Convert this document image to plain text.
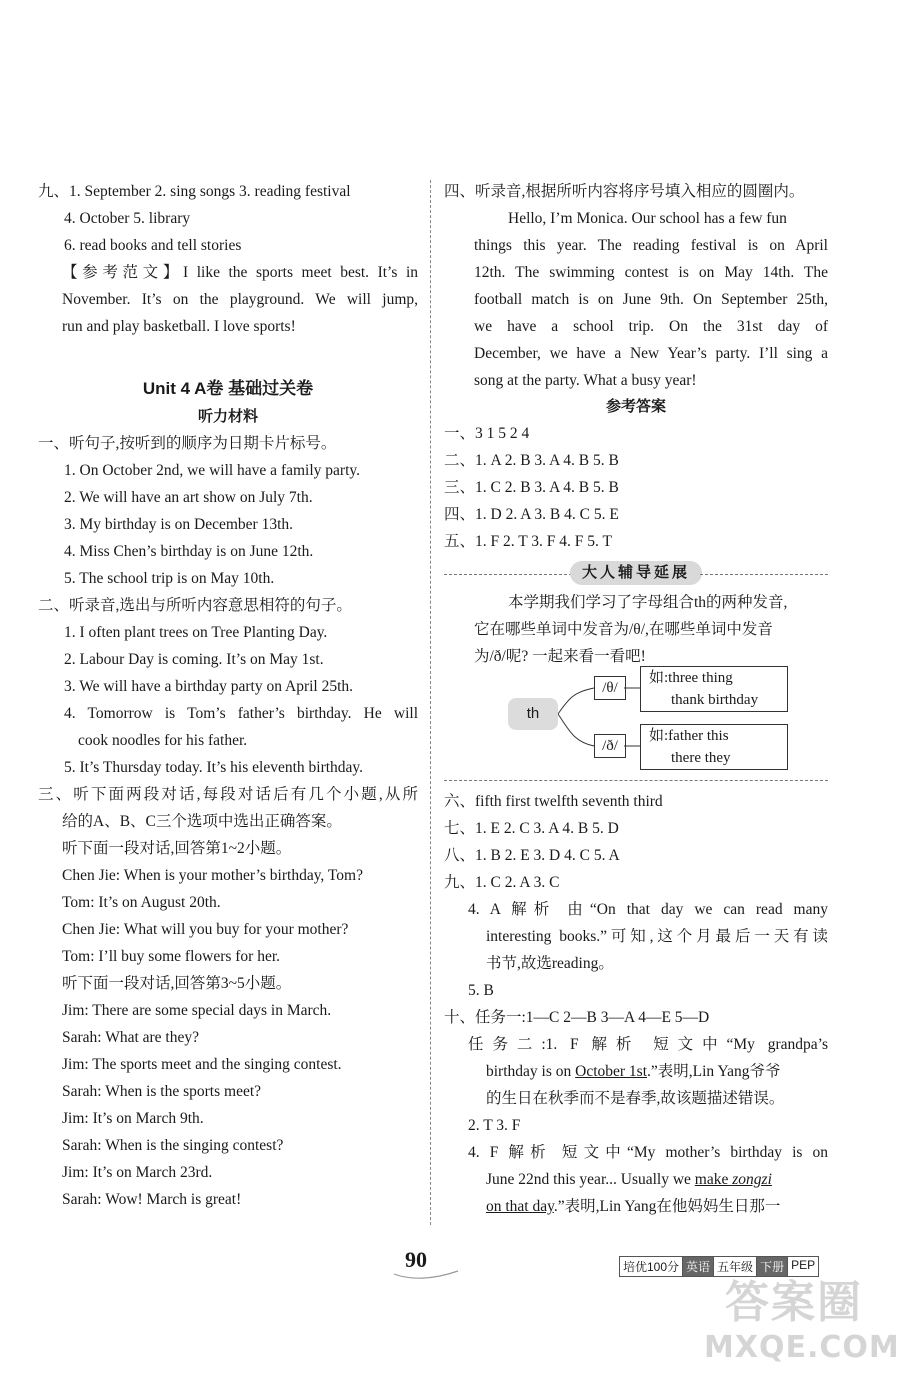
九、1. September 2. sing songs 3. reading festival
4. October 5. library
6. read books and tell stories
【参考范文】I like the sports meet best. It’s in
November. It’s on the playground. We will jump,
run and play basketball. I love sports!
Unit 4 A卷 基础过关卷
听力材料
一、听句子,按听到的顺序为日期卡片标号。
1. On October 2nd, we will have a family party.
2. We will have an art show on July 7th.
3. My birthday is on December 13th.
4. Miss Chen’s birthday is on June 12th.
5. The school trip is on May 10th.
二、听录音,选出与所听内容意思相符的句子。
1. I often plant trees on Tree Planting Day.
2. Labour Day is coming. It’s on May 1st.
3. We will have a birthday party on April 25th.
4. Tomorrow is Tom’s father’s birthday. He will
cook noodles for his father.
5. It’s Thursday today. It’s his eleventh birthday.
三、听下面两段对话,每段对话后有几个小题,从所
给的A、B、C三个选项中选出正确答案。
听下面一段对话,回答第1~2小题。
Chen Jie: When is your mother’s birthday, Tom?
Tom: It’s on August 20th.
Chen Jie: What will you buy for your mother?
Tom: I’ll buy some flowers for her.
听下面一段对话,回答第3~5小题。
Jim: There are some special days in March.
Sarah: What are they?
Jim: The sports meet and the singing contest.
Sarah: When is the sports meet?
Jim: It’s on March 9th.
Sarah: When is the singing contest?
Jim: It’s on March 23rd.
Sarah: Wow! March is great!
四、听录音,根据所听内容将序号填入相应的圆圈内。
Hello, I’m Monica. Our school has a few fun
things this year. The reading festival is on April
12th. The swimming contest is on May 14th. The
football match is on June 9th. On September 25th,
we have a school trip. On the 31st day of
December, we have a New Year’s party. I’ll sing a
song at the party. What a busy year!
参考答案
一、3 1 5 2 4
二、1. A 2. B 3. A 4. B 5. B
三、1. C 2. B 3. A 4. B 5. B
四、1. D 2. A 3. B 4. C 5. E
五、1. F 2. T 3. F 4. F 5. T
大人辅导延展
本学期我们学习了字母组合th的两种发音,
它在哪些单词中发音为/θ/,在哪些单词中发音
为/ð/呢? 一起来看一看吧!
th
/θ/
如:three thing
thank birthday
/ð/
如:father this
there they
六、fifth first twelfth seventh third
七、1. E 2. C 3. A 4. B 5. D
八、1. B 2. E 3. D 4. C 5. A
九、1. C 2. A 3. C
4. A 解析 由“On that day we can read many
interesting books.”可知,这个月最后一天有读
书节,故选reading。
5. B
十、任务一:1—C 2—B 3—A 4—E 5—D
任务二:1. F 解析 短文中“My grandpa’s
birthday is on October 1st.”表明,Lin Yang爷爷
的生日在秋季而不是春季,故该题描述错误。
2. T 3. F
4. F 解析 短文中“My mother’s birthday is on
June 22nd this year... Usually we make zongzi
on that day.”表明,Lin Yang在他妈妈生日那一
90	培优100分 英语 五年级 下册 PEP
答案圈
MXQE.COM
